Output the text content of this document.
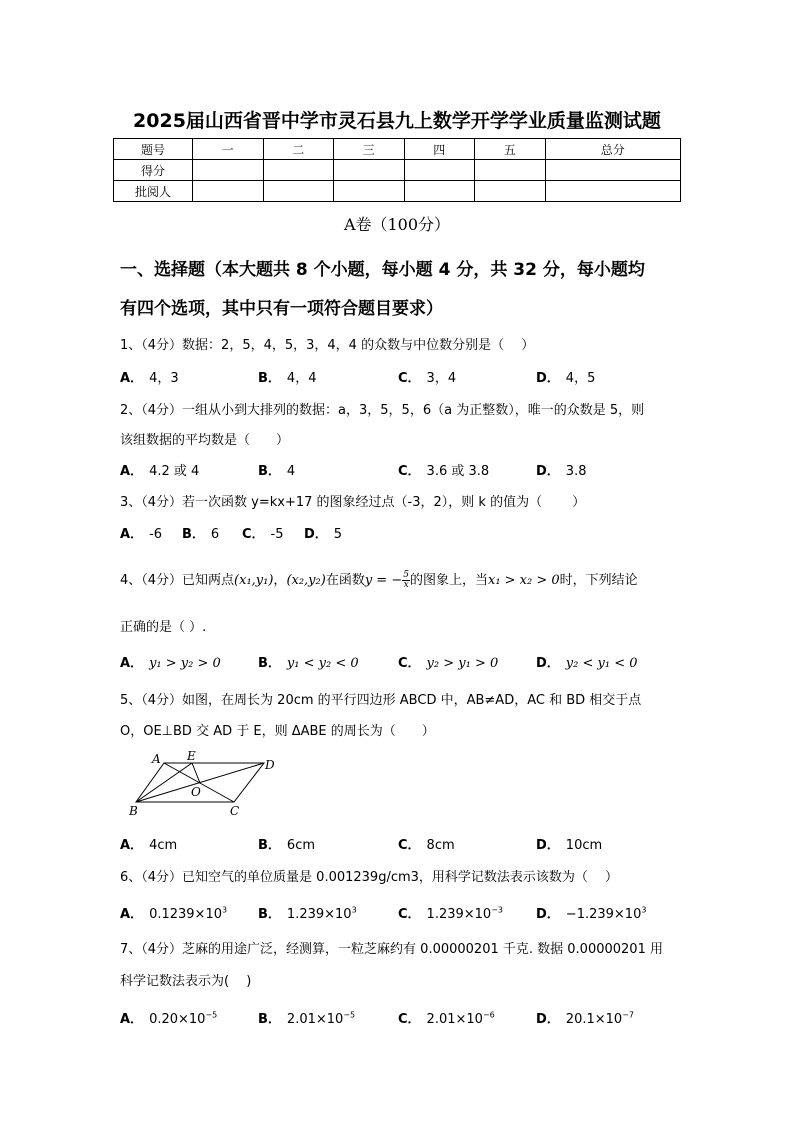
2025届山西省晋中学市灵石县九上数学开学学业质量监测试题
题号	一	二	三	四	五	总分
得分						
批阅人						
A卷（100分）
一、选择题（本大题共 8 个小题，每小题 4 分，共 32 分，每小题均
有四个选项，其中只有一项符合题目要求）
1、（4分）数据：2，5，4，5，3，4，4 的众数与中位数分别是（　 ）
A． 4，3	B． 4，4	C． 3，4	D． 4，5
2、（4分）一组从小到大排列的数据：a，3，5，5，6（a 为正整数），唯一的众数是 5，则
该组数据的平均数是（　　）
A． 4.2 或 4	B． 4	C． 3.6 或 3.8	D． 3.8
3、（4分）若一次函数 y=kx+17 的图象经过点（-3，2），则 k 的值为（　　 ）
A． -6 B． 6 C． -5 D． 5
4、（4分）已知两点(x₁,y₁)，(x₂,y₂)在函数y = − $\frac{5}{x}$ 的图象上，当x₁ > x₂ > 0时，下列结论
正确的是（ ）.
A． y₁ > y₂ > 0	B． y₁ < y₂ < 0	C． y₂ > y₁ > 0	D． y₂ < y₁ < 0
5、（4分）如图，在周长为 20cm 的平行四边形 ABCD 中，AB≠AD，AC 和 BD 相交于点
O，OE⊥BD 交 AD 于 E，则 ΔABE 的周长为（　　）
A E
D
O
B	C
A． 4cm	B． 6cm	C． 8cm	D． 10cm
6、（4分）已知空气的单位质量是 0.001239g/cm3，用科学记数法表示该数为（　 ）
A． $0.1239\times 10^3$ B． $1.239\times 10^3$	C． $1.239\times 10^{-3}$	D． $-1.239\times 10^3$
7、（4分）芝麻的用途广泛，经测算，一粒芝麻约有 0.00000201 千克. 数据 0.00000201 用
科学记数法表示为(　 )
A． $0.20\times 10^{-5}$	B． $2.01\times 10^{-5}$	C． $2.01\times 10^{-6}$	D． $20.1\times 10^{-7}$
